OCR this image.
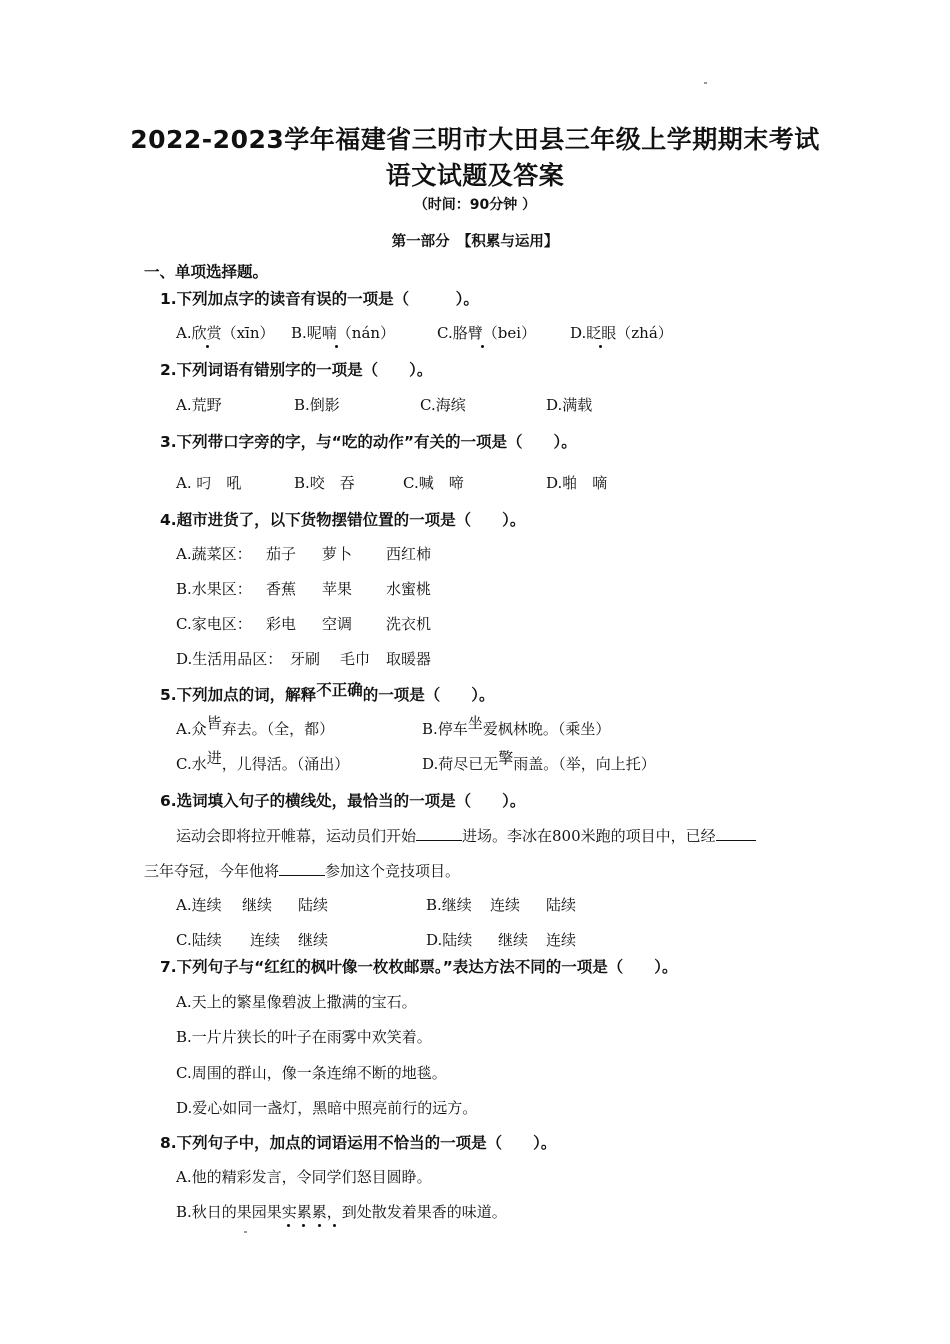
2022-2023学年福建省三明市大田县三年级上学期期末考试
语文试题及答案
（时间：90分钟 ）
第一部分　【积累与运用】
一、单项选择题。
1.下列加点字的读音有误的一项是（　　　）。
A.欣赏（xīn） B.呢喃（nán）	C.胳臂（bei） D.眨眼（zhá）
2.下列词语有错别字的一项是（　　）。
A.荒野	B.倒影	C.海缤	D.满载
3.下列带口字旁的字，与“吃的动作”有关的一项是（　　）。
A. 叼　吼	B.咬　吞	C.喊　啼	D.啪　嘀
4.超市进货了，以下货物摆错位置的一项是（　　）。
A.蔬菜区： 茄子 萝卜 西红柿
B.水果区： 香蕉 苹果 水蜜桃
C.家电区： 彩电 空调 洗衣机
D.生活用品区： 牙刷 毛巾 取暖器
5.下列加点的词，解释不正确的一项是（　　）。
A.众皆弃去。（全，都）	B.停车坐爱枫林晚。（乘坐）
C.水进，儿得活。（涌出）	D.荷尽已无擎雨盖。（举，向上托）
6.选词填入句子的横线处，最恰当的一项是（　　）。
运动会即将拉开帷幕，运动员们开始	进场。李冰在800米跑的项目中，已经
三年夺冠，今年他将	参加这个竞技项目。
A.连续 继续 陆续	B.继续 连续 陆续
C.陆续 连续 继续	D.陆续 继续 连续
7.下列句子与“红红的枫叶像一枚枚邮票。”表达方法不同的一项是（　　）。
A.天上的繁星像碧波上撒满的宝石。
B.一片片狭长的叶子在雨雾中欢笑着。
C.周围的群山，像一条连绵不断的地毯。
D.爱心如同一盏灯，黑暗中照亮前行的远方。
8.下列句子中，加点的词语运用不恰当的一项是（　　）。
A.他的精彩发言，令同学们怒目圆睁。
B.秋日的果园果实累累，到处散发着果香的味道。
